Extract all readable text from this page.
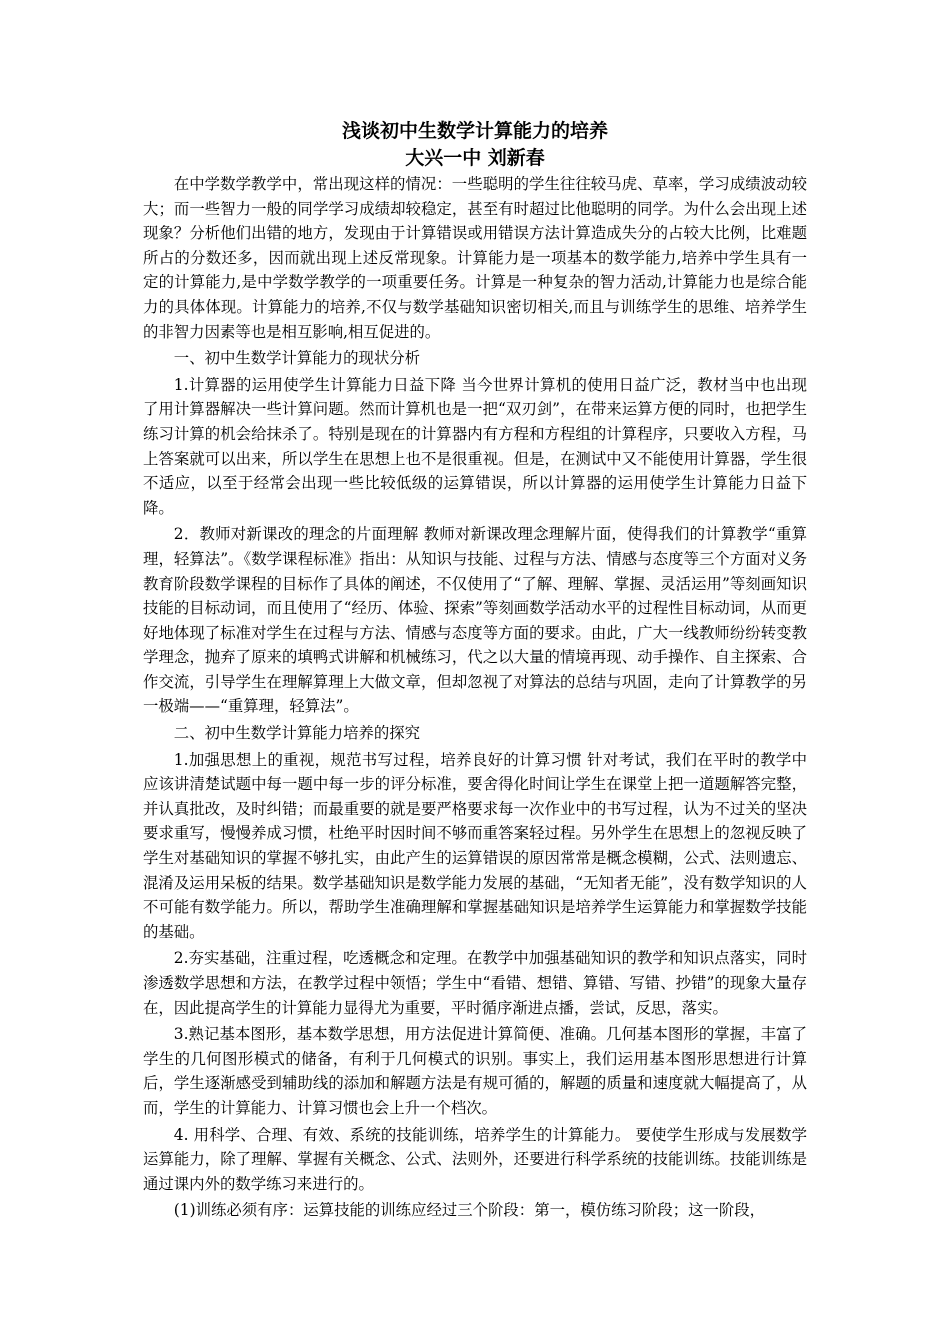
浅谈初中生数学计算能力的培养
大兴一中 刘新春

在中学数学教学中，常出现这样的情况：一些聪明的学生往往较马虎、草率，学习成绩波动较大；而一些智力一般的同学学习成绩却较稳定，甚至有时超过比他聪明的同学。为什么会出现上述现象？分析他们出错的地方，发现由于计算错误或用错误方法计算造成失分的占较大比例，比难题所占的分数还多，因而就出现上述反常现象。计算能力是一项基本的数学能力,培养中学生具有一定的计算能力,是中学数学教学的一项重要任务。计算是一种复杂的智力活动,计算能力也是综合能力的具体体现。计算能力的培养,不仅与数学基础知识密切相关,而且与训练学生的思维、培养学生的非智力因素等也是相互影响,相互促进的。

一、初中生数学计算能力的现状分析

1.计算器的运用使学生计算能力日益下降 当今世界计算机的使用日益广泛，教材当中也出现了用计算器解决一些计算问题。然而计算机也是一把“双刃剑”，在带来运算方便的同时，也把学生练习计算的机会给抹杀了。特别是现在的计算器内有方程和方程组的计算程序，只要收入方程，马上答案就可以出来，所以学生在思想上也不是很重视。但是，在测试中又不能使用计算器，学生很不适应，以至于经常会出现一些比较低级的运算错误，所以计算器的运用使学生计算能力日益下降。

2．教师对新课改的理念的片面理解 教师对新课改理念理解片面，使得我们的计算教学“重算理，轻算法”。《数学课程标准》指出：从知识与技能、过程与方法、情感与态度等三个方面对义务教育阶段数学课程的目标作了具体的阐述，不仅使用了“了解、理解、掌握、灵活运用”等刻画知识技能的目标动词，而且使用了“经历、体验、探索”等刻画数学活动水平的过程性目标动词，从而更好地体现了标准对学生在过程与方法、情感与态度等方面的要求。由此，广大一线教师纷纷转变教学理念，抛弃了原来的填鸭式讲解和机械练习，代之以大量的情境再现、动手操作、自主探索、合作交流，引导学生在理解算理上大做文章，但却忽视了对算法的总结与巩固，走向了计算教学的另一极端——“重算理，轻算法”。

二、初中生数学计算能力培养的探究

1.加强思想上的重视，规范书写过程，培养良好的计算习惯 针对考试，我们在平时的教学中应该讲清楚试题中每一题中每一步的评分标准，要舍得化时间让学生在课堂上把一道题解答完整，并认真批改，及时纠错；而最重要的就是要严格要求每一次作业中的书写过程，认为不过关的坚决要求重写，慢慢养成习惯，杜绝平时因时间不够而重答案轻过程。另外学生在思想上的忽视反映了学生对基础知识的掌握不够扎实，由此产生的运算错误的原因常常是概念模糊，公式、法则遗忘、混淆及运用呆板的结果。数学基础知识是数学能力发展的基础，“无知者无能”，没有数学知识的人不可能有数学能力。所以，帮助学生准确理解和掌握基础知识是培养学生运算能力和掌握数学技能的基础。

2.夯实基础，注重过程，吃透概念和定理。在教学中加强基础知识的教学和知识点落实，同时渗透数学思想和方法，在教学过程中领悟；学生中“看错、想错、算错、写错、抄错”的现象大量存在，因此提高学生的计算能力显得尤为重要，平时循序渐进点播，尝试，反思，落实。

3.熟记基本图形，基本数学思想，用方法促进计算简便、准确。几何基本图形的掌握，丰富了学生的几何图形模式的储备，有利于几何模式的识别。事实上，我们运用基本图形思想进行计算后，学生逐渐感受到辅助线的添加和解题方法是有规可循的，解题的质量和速度就大幅提高了，从而，学生的计算能力、计算习惯也会上升一个档次。

4. 用科学、合理、有效、系统的技能训练，培养学生的计算能力。 要使学生形成与发展数学运算能力，除了理解、掌握有关概念、公式、法则外，还要进行科学系统的技能训练。技能训练是通过课内外的数学练习来进行的。

(1)训练必须有序：运算技能的训练应经过三个阶段：第一，模仿练习阶段；这一阶段，
